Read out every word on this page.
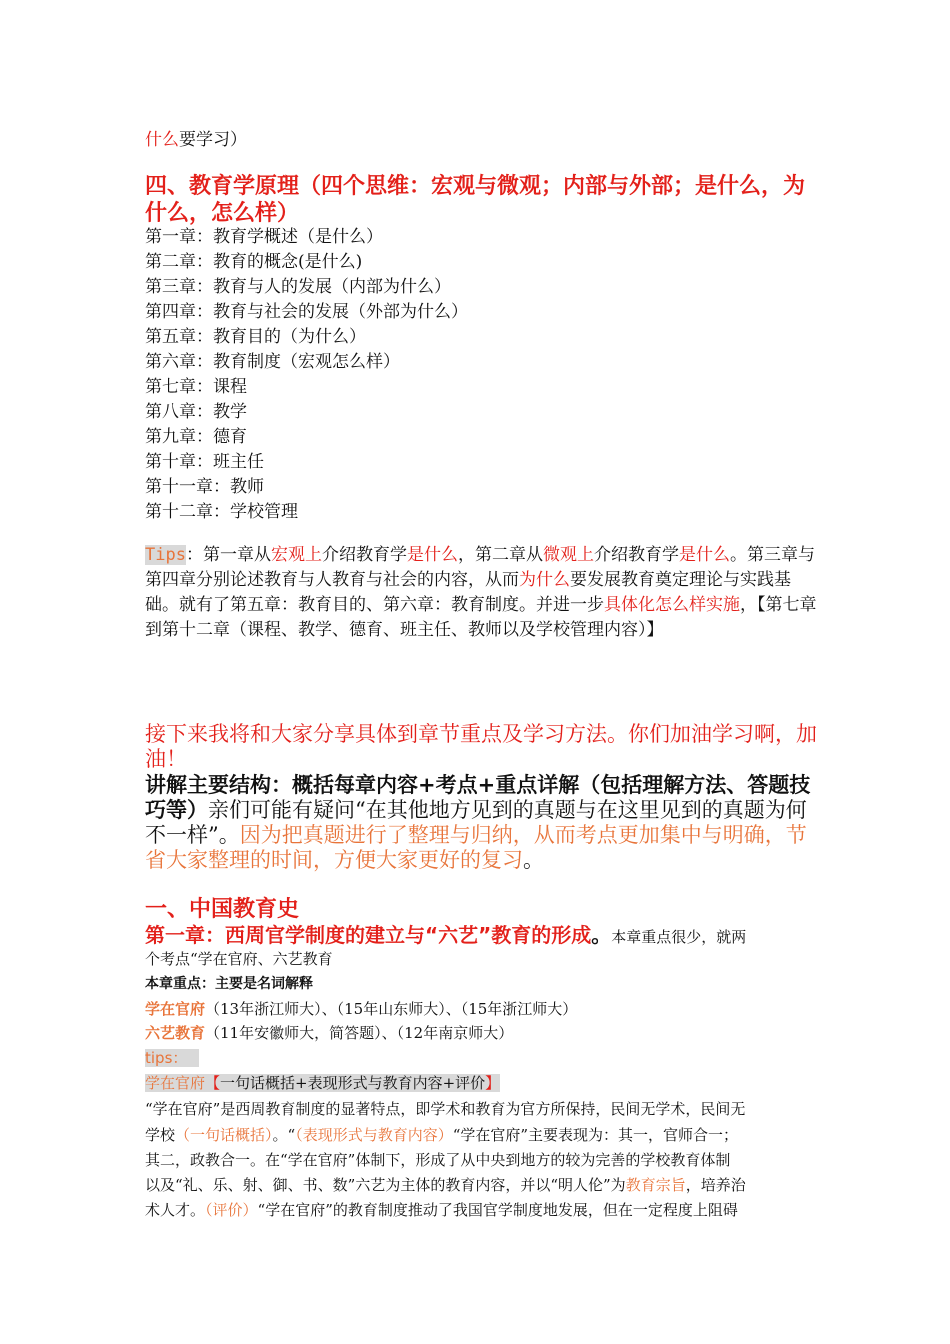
什么要学习）
四、教育学原理（四个思维：宏观与微观；内部与外部；是什么，为
什么，怎么样）
第一章：教育学概述（是什么）
第二章：教育的概念(是什么)
第三章：教育与人的发展（内部为什么）
第四章：教育与社会的发展（外部为什么）
第五章：教育目的（为什么）
第六章：教育制度（宏观怎么样）
第七章：课程
第八章：教学
第九章：德育
第十章：班主任
第十一章：教师
第十二章：学校管理
Tips：第一章从宏观上介绍教育学是什么，第二章从微观上介绍教育学是什么。第三章与第四章分别论述教育与人教育与社会的内容，从而为什么要发展教育奠定理论与实践基础。就有了第五章：教育目的、第六章：教育制度。并进一步具体化怎么样实施，【第七章到第十二章（课程、教学、德育、班主任、教师以及学校管理内容）】
接下来我将和大家分享具体到章节重点及学习方法。你们加油学习啊，加油！
讲解主要结构：概括每章内容+考点+重点详解（包括理解方法、答题技巧等）亲们可能有疑问“在其他地方见到的真题与在这里见到的真题为何不一样”。因为把真题进行了整理与归纳，从而考点更加集中与明确，节省大家整理的时间，方便大家更好的复习。
一、中国教育史
第一章：西周官学制度的建立与“六艺”教育的形成。本章重点很少，就两
个考点“学在官府、六艺教育
本章重点：主要是名词解释
学在官府（13年浙江师大）、（15年山东师大）、（15年浙江师大）
六艺教育（11年安徽师大，简答题）、（12年南京师大）
tips：
学在官府【一句话概括+表现形式与教育内容+评价】
“学在官府”是西周教育制度的显著特点，即学术和教育为官方所保持，民间无学术，民间无
学校（一句话概括）。“（表现形式与教育内容）“学在官府”主要表现为：其一，官师合一；
其二，政教合一。在“学在官府”体制下，形成了从中央到地方的较为完善的学校教育体制
以及“礼、乐、射、御、书、数”六艺为主体的教育内容，并以“明人伦”为教育宗旨，培养治
术人才。（评价）“学在官府”的教育制度推动了我国官学制度地发展，但在一定程度上阻碍
